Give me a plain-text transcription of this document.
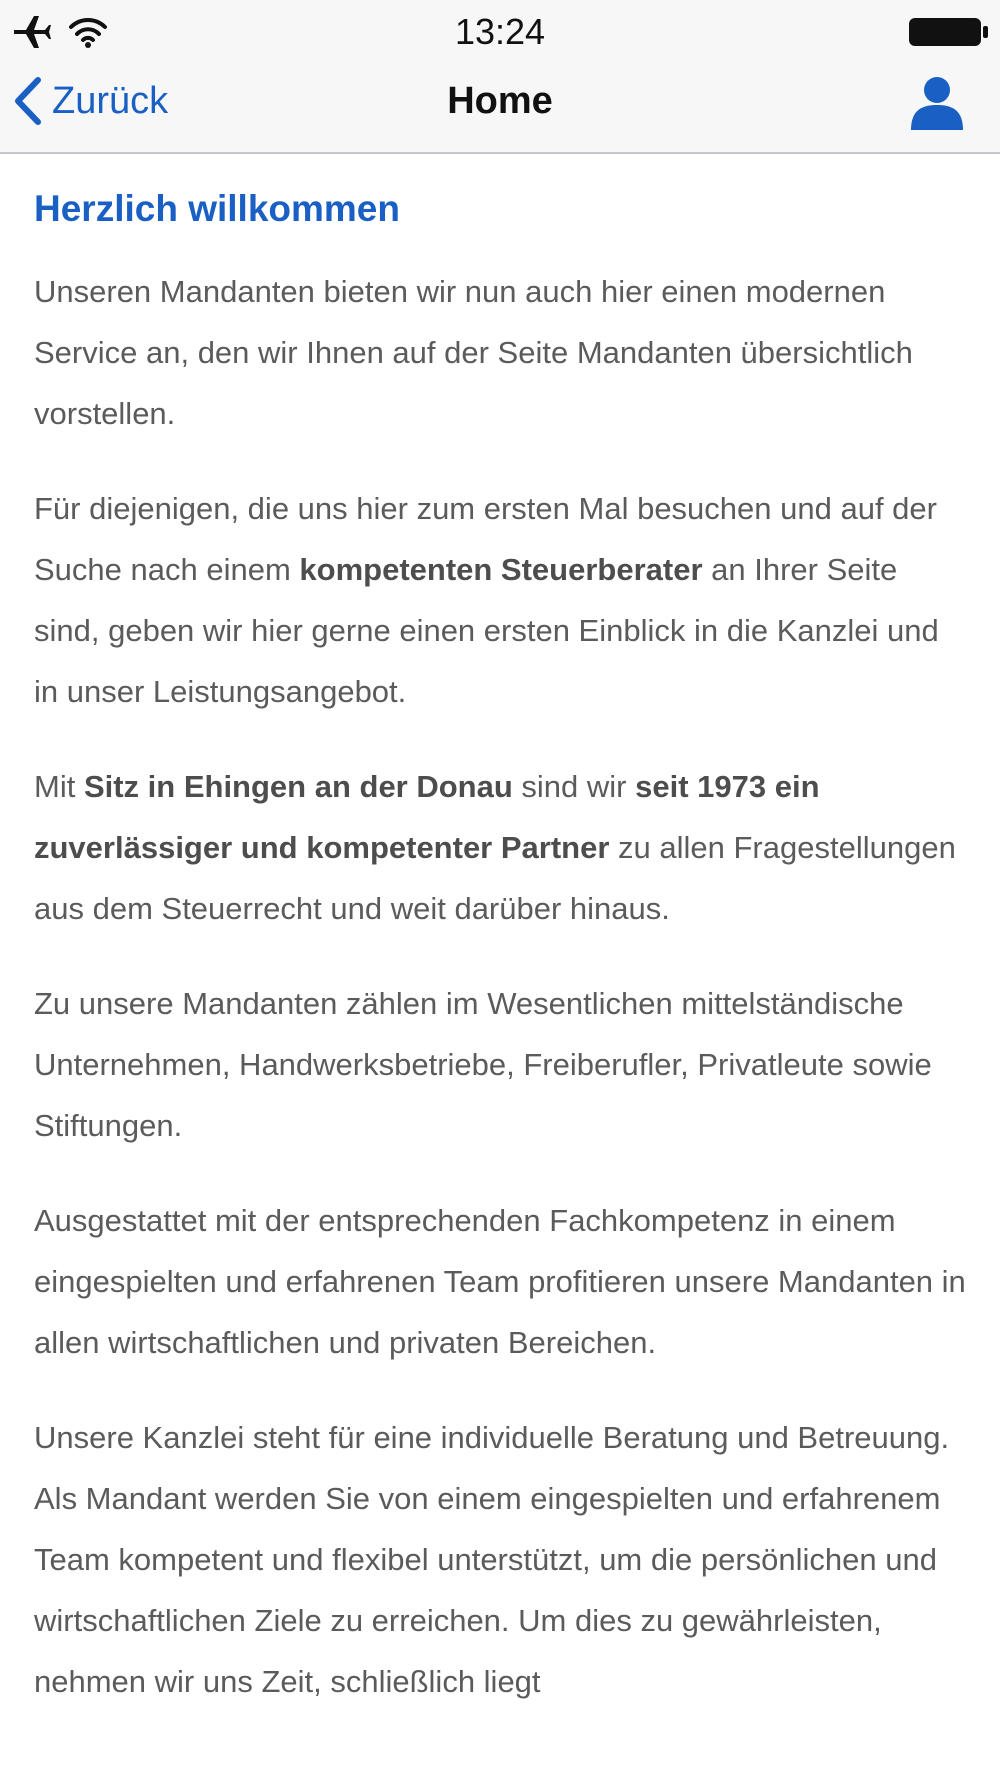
13:24
Zurück	Home
Herzlich willkommen

Unseren Mandanten bieten wir nun auch hier einen modernen Service an, den wir Ihnen auf der Seite Mandanten übersichtlich vorstellen.

Für diejenigen, die uns hier zum ersten Mal besuchen und auf der Suche nach einem kompetenten Steuerberater an Ihrer Seite sind, geben wir hier gerne einen ersten Einblick in die Kanzlei und in unser Leistungsangebot.

Mit Sitz in Ehingen an der Donau sind wir seit 1973 ein zuverlässiger und kompetenter Partner zu allen Fragestellungen aus dem Steuerrecht und weit darüber hinaus.

Zu unsere Mandanten zählen im Wesentlichen mittelständische Unternehmen, Handwerksbetriebe, Freiberufler, Privatleute sowie Stiftungen.

Ausgestattet mit der entsprechenden Fachkompetenz in einem eingespielten und erfahrenen Team profitieren unsere Mandanten in allen wirtschaftlichen und privaten Bereichen.

Unsere Kanzlei steht für eine individuelle Beratung und Betreuung. Als Mandant werden Sie von einem eingespielten und erfahrenem Team kompetent und flexibel unterstützt, um die persönlichen und wirtschaftlichen Ziele zu erreichen. Um dies zu gewährleisten, nehmen wir uns Zeit, schließlich liegt
